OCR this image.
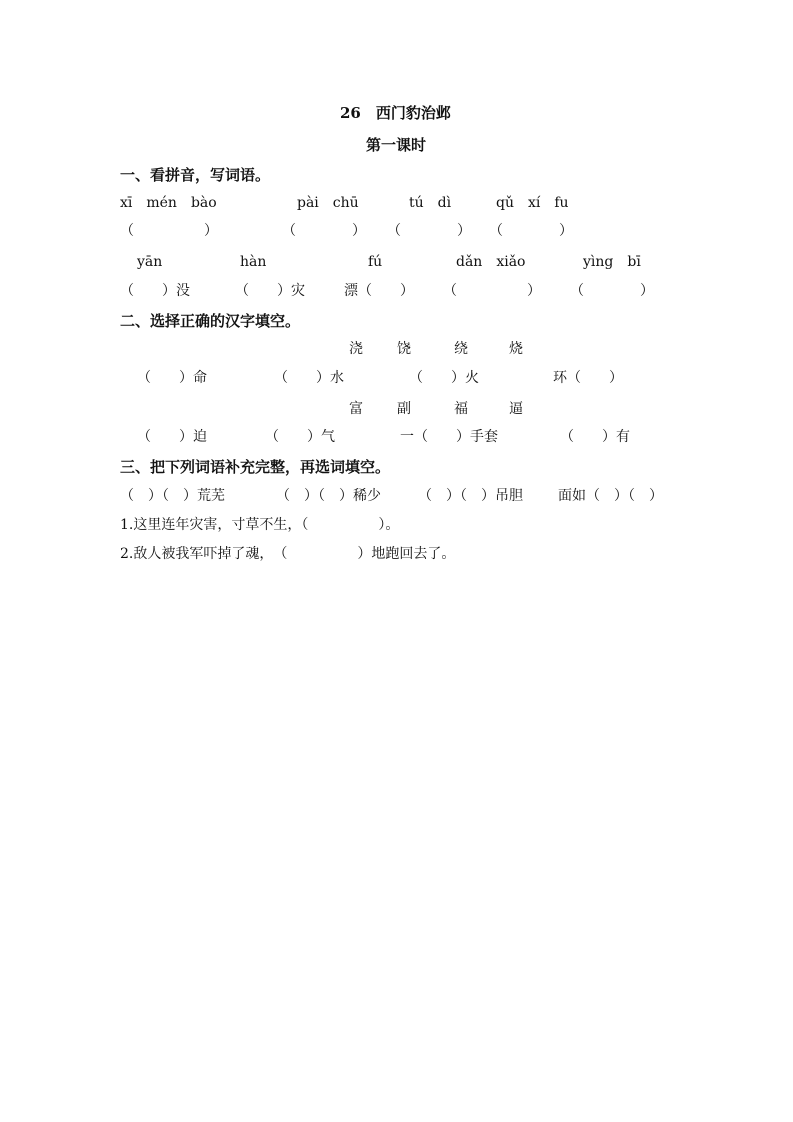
26　西门豹治邺
第一课时
一、看拼音，写词语。
xī　mén　bào	pài　chū	tú　dì	qǔ　xí　fu
（　　　　　）	（　　　　） （　　　　） （　　　　）
yān	hàn	fú	dǎn　xiǎo	yìng　bī
（　　）没	（　　）灾	漂（　　） （　　　　　） （　　　　）
二、选择正确的汉字填空。
浇 饶	绕	烧
（　　）命	（　　）水	（　　）火	环（　　）
富 副	福	逼
（　　）迫	（　　）气	一（　　）手套	（　　）有
三、把下列词语补充完整，再选词填空。
（　）（　）荒芜	（　）（　）稀少	（　）（　）吊胆	面如（　）（　）
1.这里连年灾害，寸草不生，（　　　　　）。
2.敌人被我军吓掉了魂，　（　　　　　）地跑回去了。
